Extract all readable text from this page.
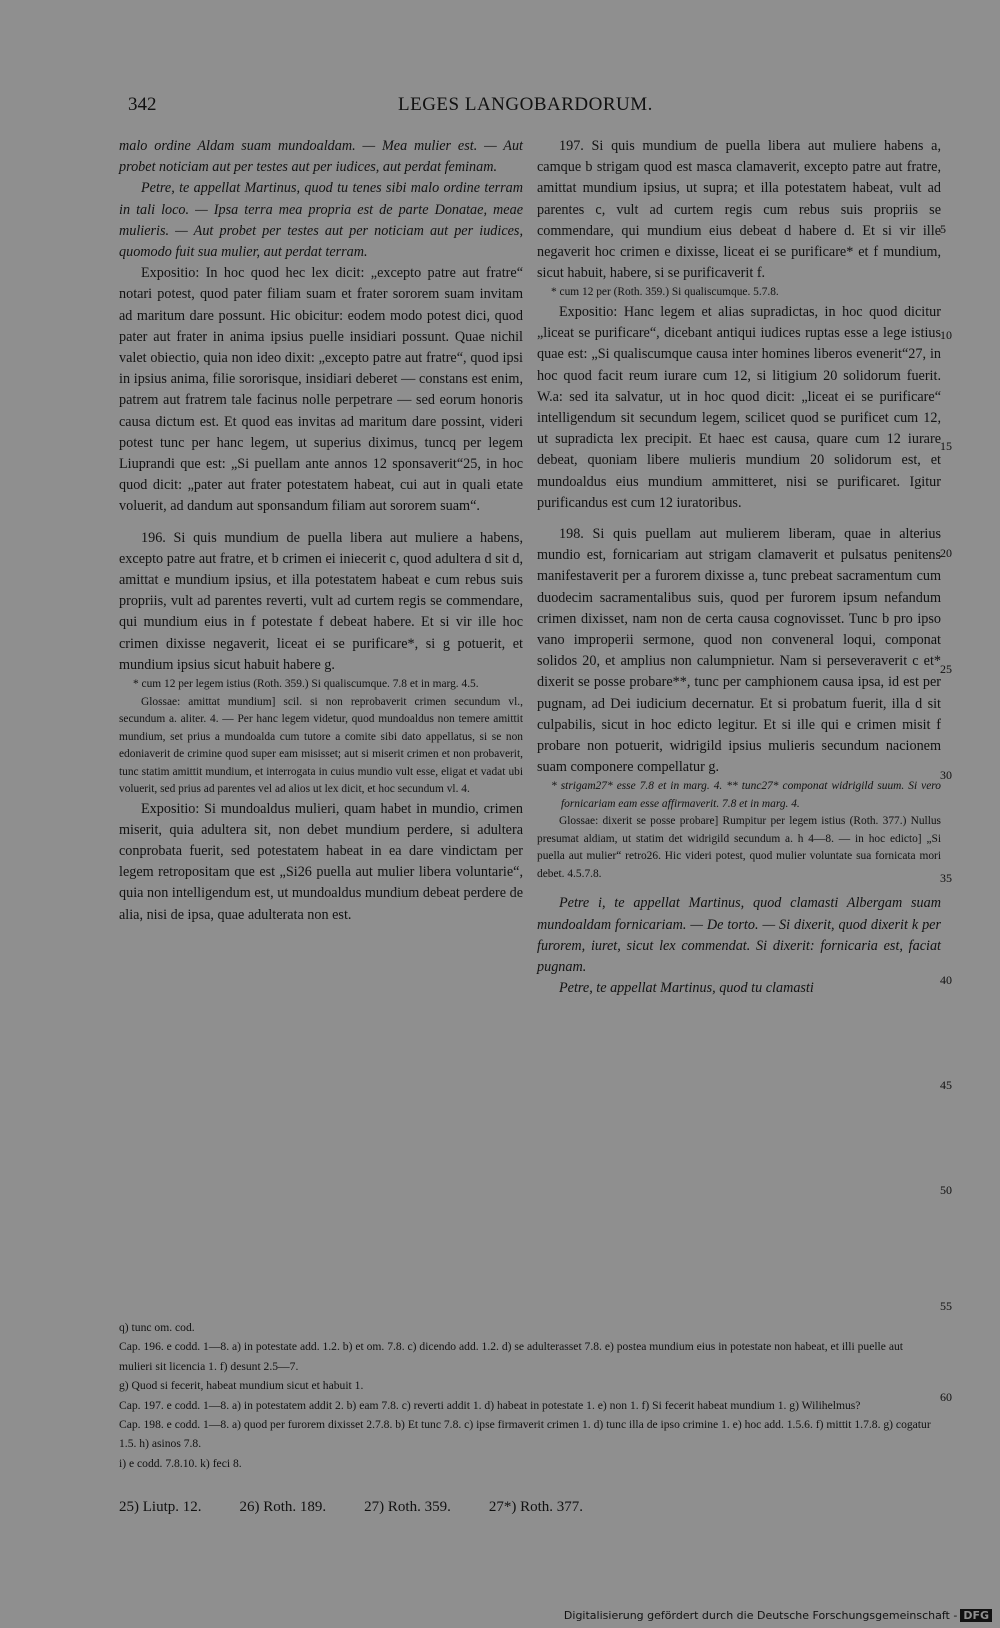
342	LEGES LANGOBARDORUM.

malo ordine Aldam suam mundoaldam. — Mea mulier est. — Aut probet noticiam aut per testes aut per iudices, aut perdat feminam.

Petre, te appellat Martinus, quod tu tenes sibi malo ordine terram in tali loco. — Ipsa terra mea propria est de parte Donatae, meae mulieris. — Aut probet per testes aut per noticiam aut per iudices, quomodo fuit sua mulier, aut perdat terram.

Expositio: In hoc quod hec lex dicit: „excepto patre aut fratre“ notari potest, quod pater filiam suam et frater sororem suam invitam ad maritum dare possunt. Hic obicitur: eodem modo potest dici, quod pater aut frater in anima ipsius puelle insidiari possunt. Quae nichil valet obiectio, quia non ideo dixit: „excepto patre aut fratre“, quod ipsi in ipsius anima, filie sororisque, insidiari deberet — constans est enim, patrem aut fratrem tale facinus nolle perpetrare — sed eorum honoris causa dictum est. Et quod eas invitas ad maritum dare possint, videri potest tunc per hanc legem, ut superius diximus, tuncq per legem Liuprandi que est: „Si puellam ante annos 12 sponsaverit“25, in hoc quod dicit: „pater aut frater potestatem habeat, cui aut in quali etate voluerit, ad dandum aut sponsandum filiam aut sororem suam“.

196. Si quis mundium de puella libera aut muliere a habens, excepto patre aut fratre, et b crimen ei iniecerit c, quod adultera d sit d, amittat e mundium ipsius, et illa potestatem habeat e cum rebus suis propriis, vult ad parentes reverti, vult ad curtem regis se commendare, qui mundium eius in f potestate f debeat habere. Et si vir ille hoc crimen dixisse negaverit, liceat ei se purificare*, si g potuerit, et mundium ipsius sicut habuit habere g.

* cum 12 per legem istius (Roth. 359.) Si qualiscumque. 7.8 et in marg. 4.5.

Glossae: amittat mundium] scil. si non reprobaverit crimen secundum vl., secundum a. aliter. 4. — Per hanc legem videtur, quod mundoaldus non temere amittit mundium, set prius a mundoalda cum tutore a comite sibi dato appellatus, si se non edoniaverit de crimine quod super eam misisset; aut si miserit crimen et non probaverit, tunc statim amittit mundium, et interrogata in cuius mundio vult esse, eligat et vadat ubi voluerit, sed prius ad parentes vel ad alios ut lex dicit, et hoc secundum vl. 4.

Expositio: Si mundoaldus mulieri, quam habet in mundio, crimen miserit, quia adultera sit, non debet mundium perdere, si adultera conprobata fuerit, sed potestatem habeat in ea dare vindictam per legem retropositam que est „Si26 puella aut mulier libera voluntarie“, quia non intelligendum est, ut mundoaldus mundium debeat perdere de alia, nisi de ipsa, quae adulterata non est.

197. Si quis mundium de puella libera aut muliere habens a, camque b strigam quod est masca clamaverit, excepto patre aut fratre, amittat mundium ipsius, ut supra; et illa potestatem habeat, vult ad parentes c, vult ad curtem regis cum rebus suis propriis se commendare, qui mundium eius debeat d habere d. Et si vir ille negaverit hoc crimen e dixisse, liceat ei se purificare* et f mundium, sicut habuit, habere, si se purificaverit f.

* cum 12 per (Roth. 359.) Si qualiscumque. 5.7.8.

Expositio: Hanc legem et alias supradictas, in hoc quod dicitur „liceat se purificare“, dicebant antiqui iudices ruptas esse a lege istius quae est: „Si qualiscumque causa inter homines liberos evenerit“27, in hoc quod facit reum iurare cum 12, si litigium 20 solidorum fuerit. W.a: sed ita salvatur, ut in hoc quod dicit: „liceat ei se purificare“ intelligendum sit secundum legem, scilicet quod se purificet cum 12, ut supradicta lex precipit. Et haec est causa, quare cum 12 iurare debeat, quoniam libere mulieris mundium 20 solidorum est, et mundoaldus eius mundium ammitteret, nisi se purificaret. Igitur purificandus est cum 12 iuratoribus.

198. Si quis puellam aut mulierem liberam, quae in alterius mundio est, fornicariam aut strigam clamaverit et pulsatus penitens manifestaverit per a furorem dixisse a, tunc prebeat sacramentum cum duodecim sacramentalibus suis, quod per furorem ipsum nefandum crimen dixisset, nam non de certa causa cognovisset. Tunc b pro ipso vano improperii sermone, quod non conveneral loqui, componat solidos 20, et amplius non calumpnietur. Nam si perseveraverit c et* dixerit se posse probare**, tunc per camphionem causa ipsa, id est per pugnam, ad Dei iudicium decernatur. Et si probatum fuerit, illa d sit culpabilis, sicut in hoc edicto legitur. Et si ille qui e crimen misit f probare non potuerit, widrigild ipsius mulieris secundum nacionem suam componere compellatur g.

* strigam27* esse 7.8 et in marg. 4. ** tunc27* componat widrigild suum. Si vero fornicariam eam esse affirmaverit. 7.8 et in marg. 4.

Glossae: dixerit se posse probare] Rumpitur per legem istius (Roth. 377.) Nullus presumat aldiam, ut statim det widrigild secundum a. h 4—8. — in hoc edicto] „Si puella aut mulier“ retro26. Hic videri potest, quod mulier voluntate sua fornicata mori debet. 4.5.7.8.

Petre i, te appellat Martinus, quod clamasti Albergam suam mundoaldam fornicariam. — De torto. — Si dixerit, quod dixerit k per furorem, iuret, sicut lex commendat. Si dixerit: fornicaria est, faciat pugnam.

Petre, te appellat Martinus, quod tu clamasti

5
10
15
20
25
30
35
40
45
50
55
60

q) tunc om. cod.

Cap. 196. e codd. 1—8. a) in potestate add. 1.2. b) et om. 7.8. c) dicendo add. 1.2. d) se adulterasset 7.8. e) postea mundium eius in potestate non habeat, et illi puelle aut mulieri sit licencia 1. f) desunt 2.5—7.

g) Quod si fecerit, habeat mundium sicut et habuit 1.

Cap. 197. e codd. 1—8. a) in potestatem addit 2. b) eam 7.8. c) reverti addit 1. d) habeat in potestate 1. e) non 1. f) Si fecerit habeat mundium 1. g) Wilihelmus?

Cap. 198. e codd. 1—8. a) quod per furorem dixisset 2.7.8. b) Et tunc 7.8. c) ipse firmaverit crimen 1. d) tunc illa de ipso crimine 1. e) hoc add. 1.5.6. f) mittit 1.7.8. g) cogatur 1.5. h) asinos 7.8.

i) e codd. 7.8.10. k) feci 8.

25) Liutp. 12.	26) Roth. 189.	27) Roth. 359.	27*) Roth. 377.
Digitalisierung gefördert durch die Deutsche Forschungsgemeinschaft - DFG
